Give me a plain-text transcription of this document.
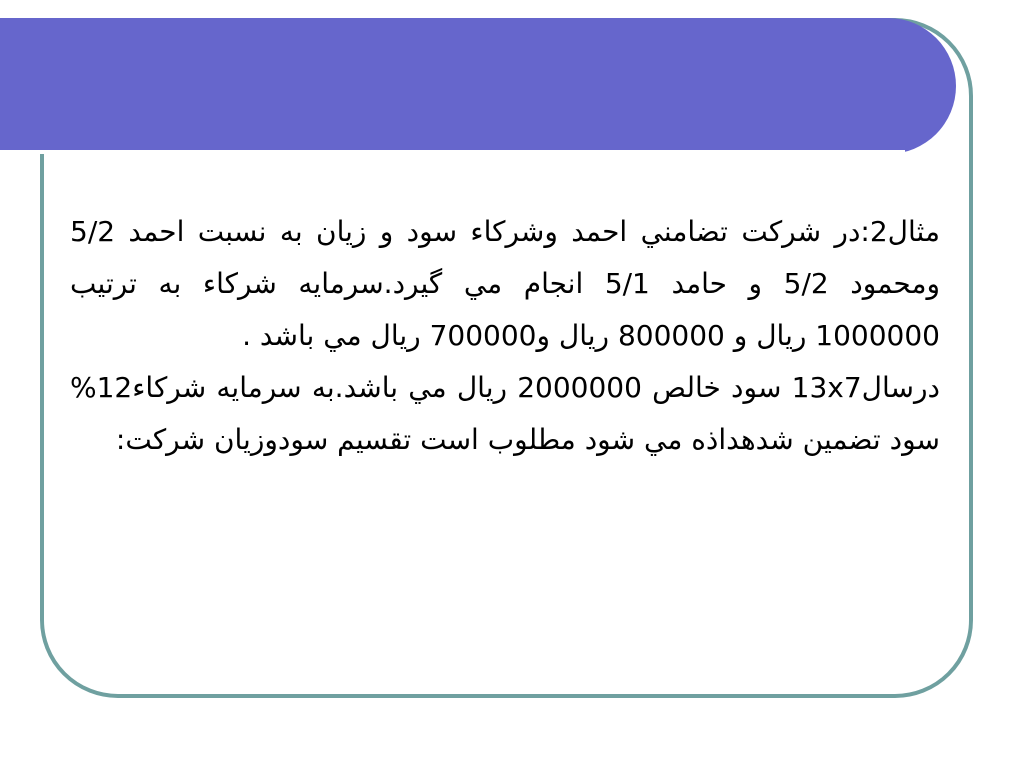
مثال2:در شركت تضامني احمد وشركاء سود و زيان به نسبت احمد 5/2 ومحمود 5/2 و حامد 5/1 انجام مي گيرد.سرمايه شركاء به ترتيب 1000000 ريال و 800000 ريال و700000 ريال مي باشد .

درسال13x7 سود خالص 2000000 ريال مي باشد.به سرمايه شركاء12% سود تضمين شدهداذه مي شود مطلوب است تقسيم سودوزيان شركت:
